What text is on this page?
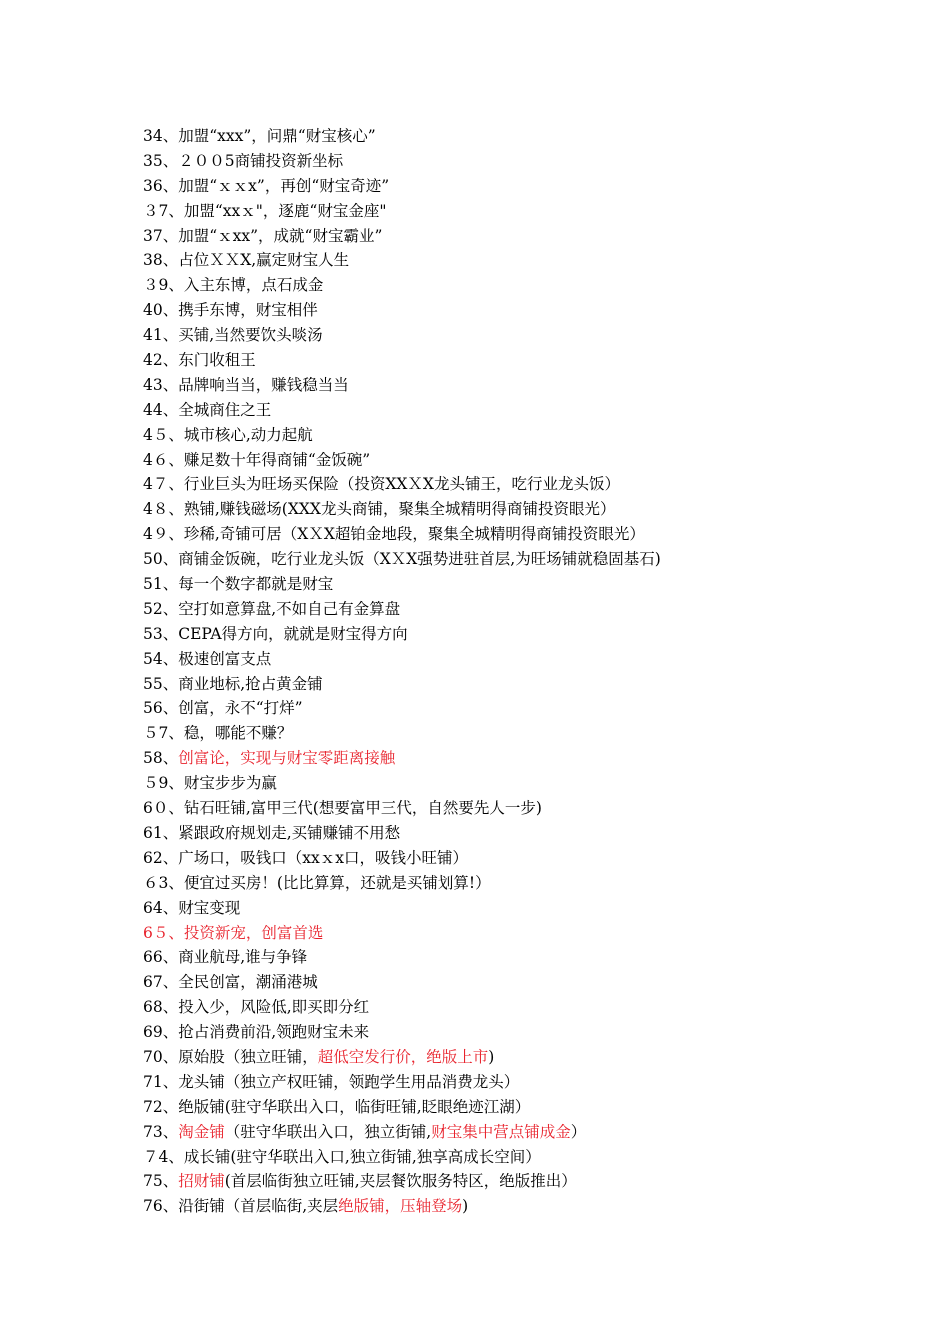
34、加盟“xxx”，问鼎“财宝核心”
35、２００5商铺投资新坐标
36、加盟“ｘｘx”，再创“财宝奇迹”
３7、加盟“xxｘ"，逐鹿“财宝金座"
37、加盟“ｘxx”，成就“财宝霸业”
38、占位ＸＸX,赢定财宝人生
３9、入主东博，点石成金
40、携手东博，财宝相伴
41、买铺,当然要饮头啖汤
42、东门收租王
43、品牌响当当，赚钱稳当当
44、全城商住之王
4５、城市核心,动力起航
4６、赚足数十年得商铺“金饭碗”
4７、行业巨头为旺场买保险（投资XXＸX龙头铺王，吃行业龙头饭）
4８、熟铺,赚钱磁场(XXX龙头商铺，聚集全城精明得商铺投资眼光）
4９、珍稀,奇铺可居（XＸX超铂金地段，聚集全城精明得商铺投资眼光）
50、商铺金饭碗，吃行业龙头饭（XＸX强势进驻首层,为旺场铺就稳固基石)
51、每一个数字都就是财宝
52、空打如意算盘,不如自己有金算盘
53、CEPA得方向，就就是财宝得方向
54、极速创富支点
55、商业地标,抢占黄金铺
56、创富，永不“打烊”
５7、稳，哪能不赚？
58、创富论，实现与财宝零距离接触
５9、财宝步步为赢
6０、钻石旺铺,富甲三代(想要富甲三代，自然要先人一步)
61、紧跟政府规划走,买铺赚铺不用愁
62、广场口，吸钱口（xxｘx口，吸钱小旺铺）
６3、便宜过买房！(比比算算，还就是买铺划算!）
64、财宝变现
6５、投资新宠，创富首选
66、商业航母,谁与争锋
67、全民创富，潮涌港城
68、投入少，风险低,即买即分红
69、抢占消费前沿,领跑财宝未来
70、原始股（独立旺铺，超低空发行价，绝版上市)
71、龙头铺（独立产权旺铺，领跑学生用品消费龙头）
72、绝版铺(驻守华联出入口，临街旺铺,眨眼绝迹江湖）
73、淘金铺（驻守华联出入口，独立街铺,财宝集中营点铺成金）
７4、成长铺(驻守华联出入口,独立街铺,独享高成长空间）
75、招财铺(首层临街独立旺铺,夹层餐饮服务特区，绝版推出）
76、沿街铺（首层临街,夹层绝版铺，压轴登场)
